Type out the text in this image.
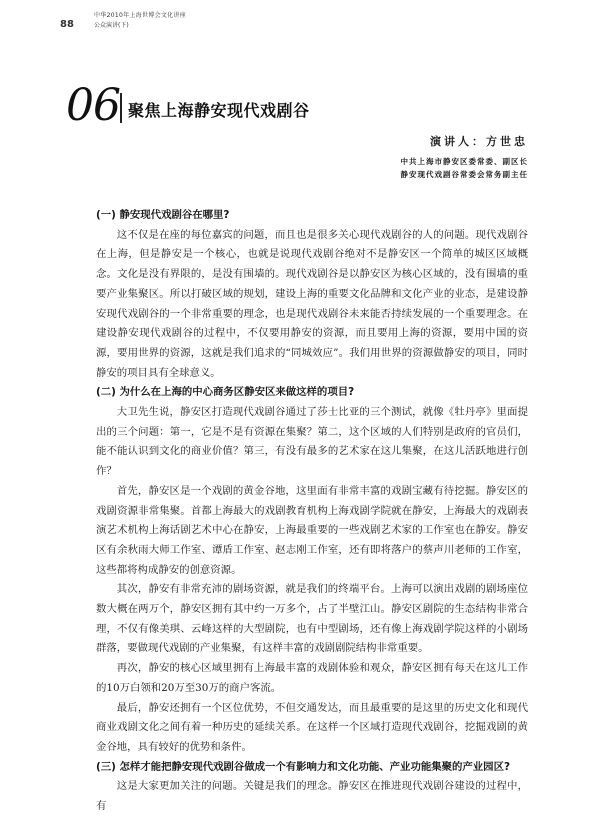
中华2010年上海世博会文化讲座
88	公众演讲(下)
06 聚焦上海静安现代戏剧谷
演讲人：方世忠
中共上海市静安区委常委、副区长
静安现代戏剧谷常委会常务副主任

(一) 静安现代戏剧谷在哪里?

这不仅是在座的每位嘉宾的问题，而且也是很多关心现代戏剧谷的人的问题。现代戏剧谷在上海，但是静安是一个核心，也就是说现代戏剧谷绝对不是静安区一个简单的城区区域概念。文化是没有界限的，是没有围墙的。现代戏剧谷是以静安区为核心区域的，没有围墙的重要产业集聚区。所以打破区域的规划，建设上海的重要文化品牌和文化产业的业态，是建设静安现代戏剧谷的一个非常重要的理念，也是现代戏剧谷未来能否持续发展的一个重要理念。在建设静安现代戏剧谷的过程中，不仅要用静安的资源，而且要用上海的资源，要用中国的资源，要用世界的资源，这就是我们追求的“同城效应”。我们用世界的资源做静安的项目，同时静安的项目具有全球意义。

(二) 为什么在上海的中心商务区静安区来做这样的项目?

大卫先生说，静安区打造现代戏剧谷通过了莎士比亚的三个测试，就像《牡丹亭》里面提出的三个问题：第一，它是不是有资源在集聚？第二，这个区域的人们特别是政府的官员们，能不能认识到文化的商业价值？第三，有没有最多的艺术家在这儿集聚，在这儿活跃地进行创作？

首先，静安区是一个戏剧的黄金谷地，这里面有非常丰富的戏剧宝藏有待挖掘。静安区的戏剧资源非常集聚。首都上海最大的戏剧教育机构上海戏剧学院就在静安，上海最大的戏剧表演艺术机构上海话剧艺术中心在静安，上海最重要的一些戏剧艺术家的工作室也在静安。静安区有余秋雨大师工作室、谭盾工作室、赵志刚工作室，还有即将落户的蔡声川老师的工作室，这些都将构成静安的创意资源。

其次，静安有非常充沛的剧场资源，就是我们的终端平台。上海可以演出戏剧的剧场座位数大概在两万个，静安区拥有其中约一万多个，占了半壁江山。静安区剧院的生态结构非常合理，不仅有像美琪、云峰这样的大型剧院，也有中型剧场，还有像上海戏剧学院这样的小剧场群落，要做现代戏剧的产业集聚，有这样丰富的戏剧剧院结构非常重要。

再次，静安的核心区域里拥有上海最丰富的戏剧体验和观众，静安区拥有每天在这儿工作的10万白领和20万至30万的商户客流。

最后，静安还拥有一个区位优势，不但交通发达，而且最重要的是这里的历史文化和现代商业戏剧文化之间有着一种历史的延续关系。在这样一个区域打造现代戏剧谷，挖掘戏剧的黄金谷地，具有较好的优势和条件。

(三) 怎样才能把静安现代戏剧谷做成一个有影响力和文化功能、产业功能集聚的产业园区?

这是大家更加关注的问题。关键是我们的理念。静安区在推进现代戏剧谷建设的过程中，有
